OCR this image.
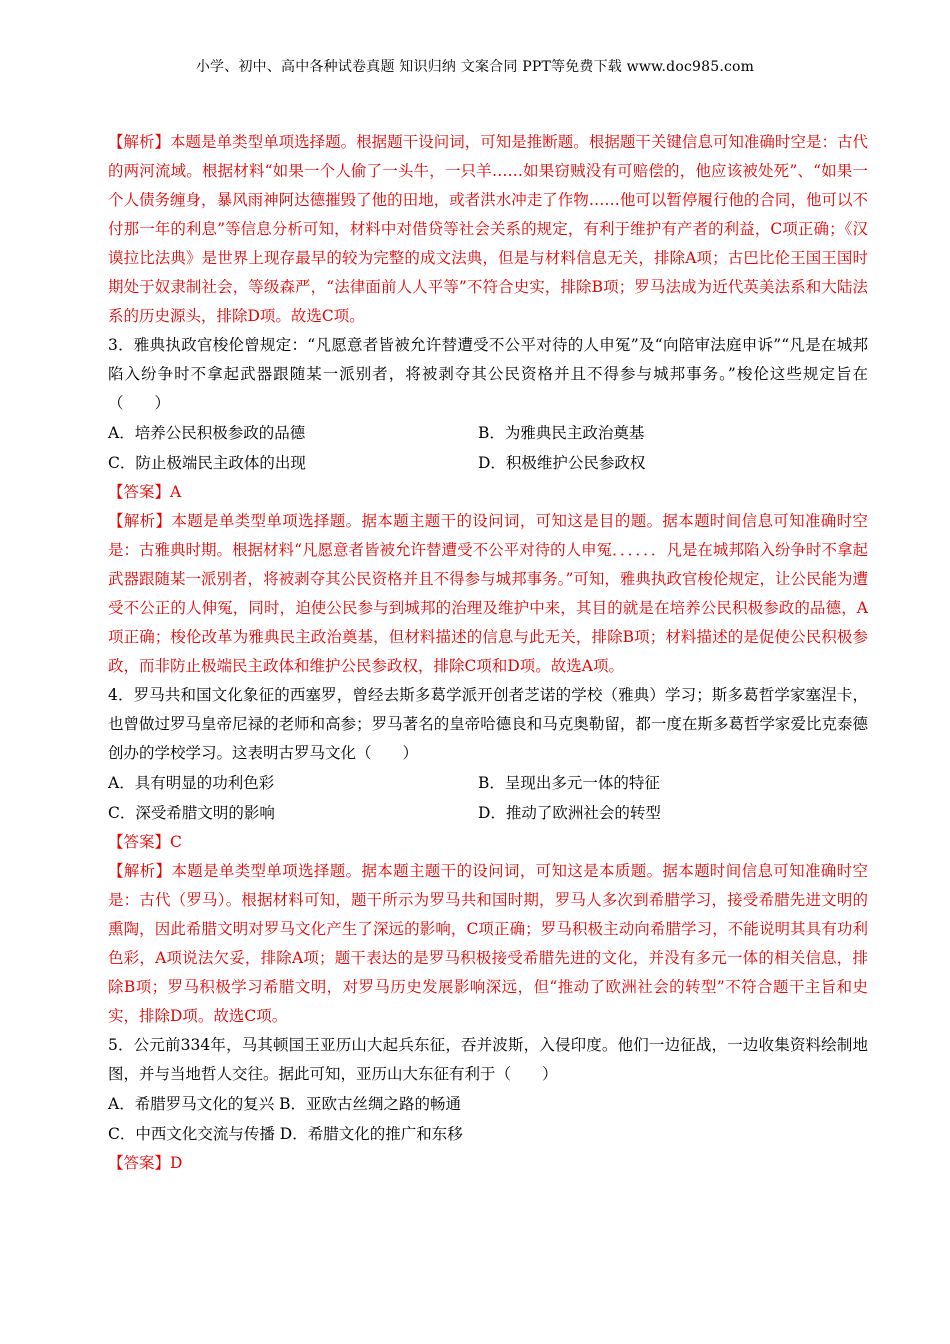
小学、初中、高中各种试卷真题 知识归纳 文案合同 PPT等免费下载 www.doc985.com

【解析】本题是单类型单项选择题。根据题干设问词，可知是推断题。根据题干关键信息可知准确时空是：古代的两河流域。根据材料“如果一个人偷了一头牛，一只羊……如果窃贼没有可赔偿的，他应该被处死”、“如果一个人债务缠身，暴风雨神阿达德摧毁了他的田地，或者洪水冲走了作物……他可以暂停履行他的合同，他可以不付那一年的利息”等信息分析可知，材料中对借贷等社会关系的规定，有利于维护有产者的利益，C项正确；《汉谟拉比法典》是世界上现存最早的较为完整的成文法典，但是与材料信息无关，排除A项；古巴比伦王国王国时期处于奴隶制社会，等级森严，“法律面前人人平等”不符合史实，排除B项；罗马法成为近代英美法系和大陆法系的历史源头，排除D项。故选C项。

3．雅典执政官梭伦曾规定：“凡愿意者皆被允许替遭受不公平对待的人申冤”及“向陪审法庭申诉”“凡是在城邦陷入纷争时不拿起武器跟随某一派别者，将被剥夺其公民资格并且不得参与城邦事务。”梭伦这些规定旨在（　　）

A．培养公民积极参政的品德	B．为雅典民主政治奠基
C．防止极端民主政体的出现	D．积极维护公民参政权

【答案】A

【解析】本题是单类型单项选择题。据本题主题干的设问词，可知这是目的题。据本题时间信息可知准确时空是：古雅典时期。根据材料“凡愿意者皆被允许替遭受不公平对待的人申冤．．．．．．凡是在城邦陷入纷争时不拿起武器跟随某一派别者，将被剥夺其公民资格并且不得参与城邦事务。”可知，雅典执政官梭伦规定，让公民能为遭受不公正的人伸冤，同时，迫使公民参与到城邦的治理及维护中来，其目的就是在培养公民积极参政的品德，A项正确；梭伦改革为雅典民主政治奠基，但材料描述的信息与此无关，排除B项；材料描述的是促使公民积极参政，而非防止极端民主政体和维护公民参政权，排除C项和D项。故选A项。

4．罗马共和国文化象征的西塞罗，曾经去斯多葛学派开创者芝诺的学校（雅典）学习；斯多葛哲学家塞涅卡，也曾做过罗马皇帝尼禄的老师和高参；罗马著名的皇帝哈德良和马克奥勒留，都一度在斯多葛哲学家爱比克泰德创办的学校学习。这表明古罗马文化（　　）

A．具有明显的功利色彩	B．呈现出多元一体的特征
C．深受希腊文明的影响	D．推动了欧洲社会的转型

【答案】C

【解析】本题是单类型单项选择题。据本题主题干的设问词，可知这是本质题。据本题时间信息可知准确时空是：古代（罗马）。根据材料可知，题干所示为罗马共和国时期，罗马人多次到希腊学习，接受希腊先进文明的熏陶，因此希腊文明对罗马文化产生了深远的影响，C项正确；罗马积极主动向希腊学习，不能说明其具有功利色彩，A项说法欠妥，排除A项；题干表达的是罗马积极接受希腊先进的文化，并没有多元一体的相关信息，排除B项；罗马积极学习希腊文明，对罗马历史发展影响深远，但“推动了欧洲社会的转型”不符合题干主旨和史实，排除D项。故选C项。

5．公元前334年，马其顿国王亚历山大起兵东征，吞并波斯，入侵印度。他们一边征战，一边收集资料绘制地图，并与当地哲人交往。据此可知，亚历山大东征有利于（　　）

A．希腊罗马文化的复兴 B．亚欧古丝绸之路的畅通
C．中西文化交流与传播 D．希腊文化的推广和东移

【答案】D
